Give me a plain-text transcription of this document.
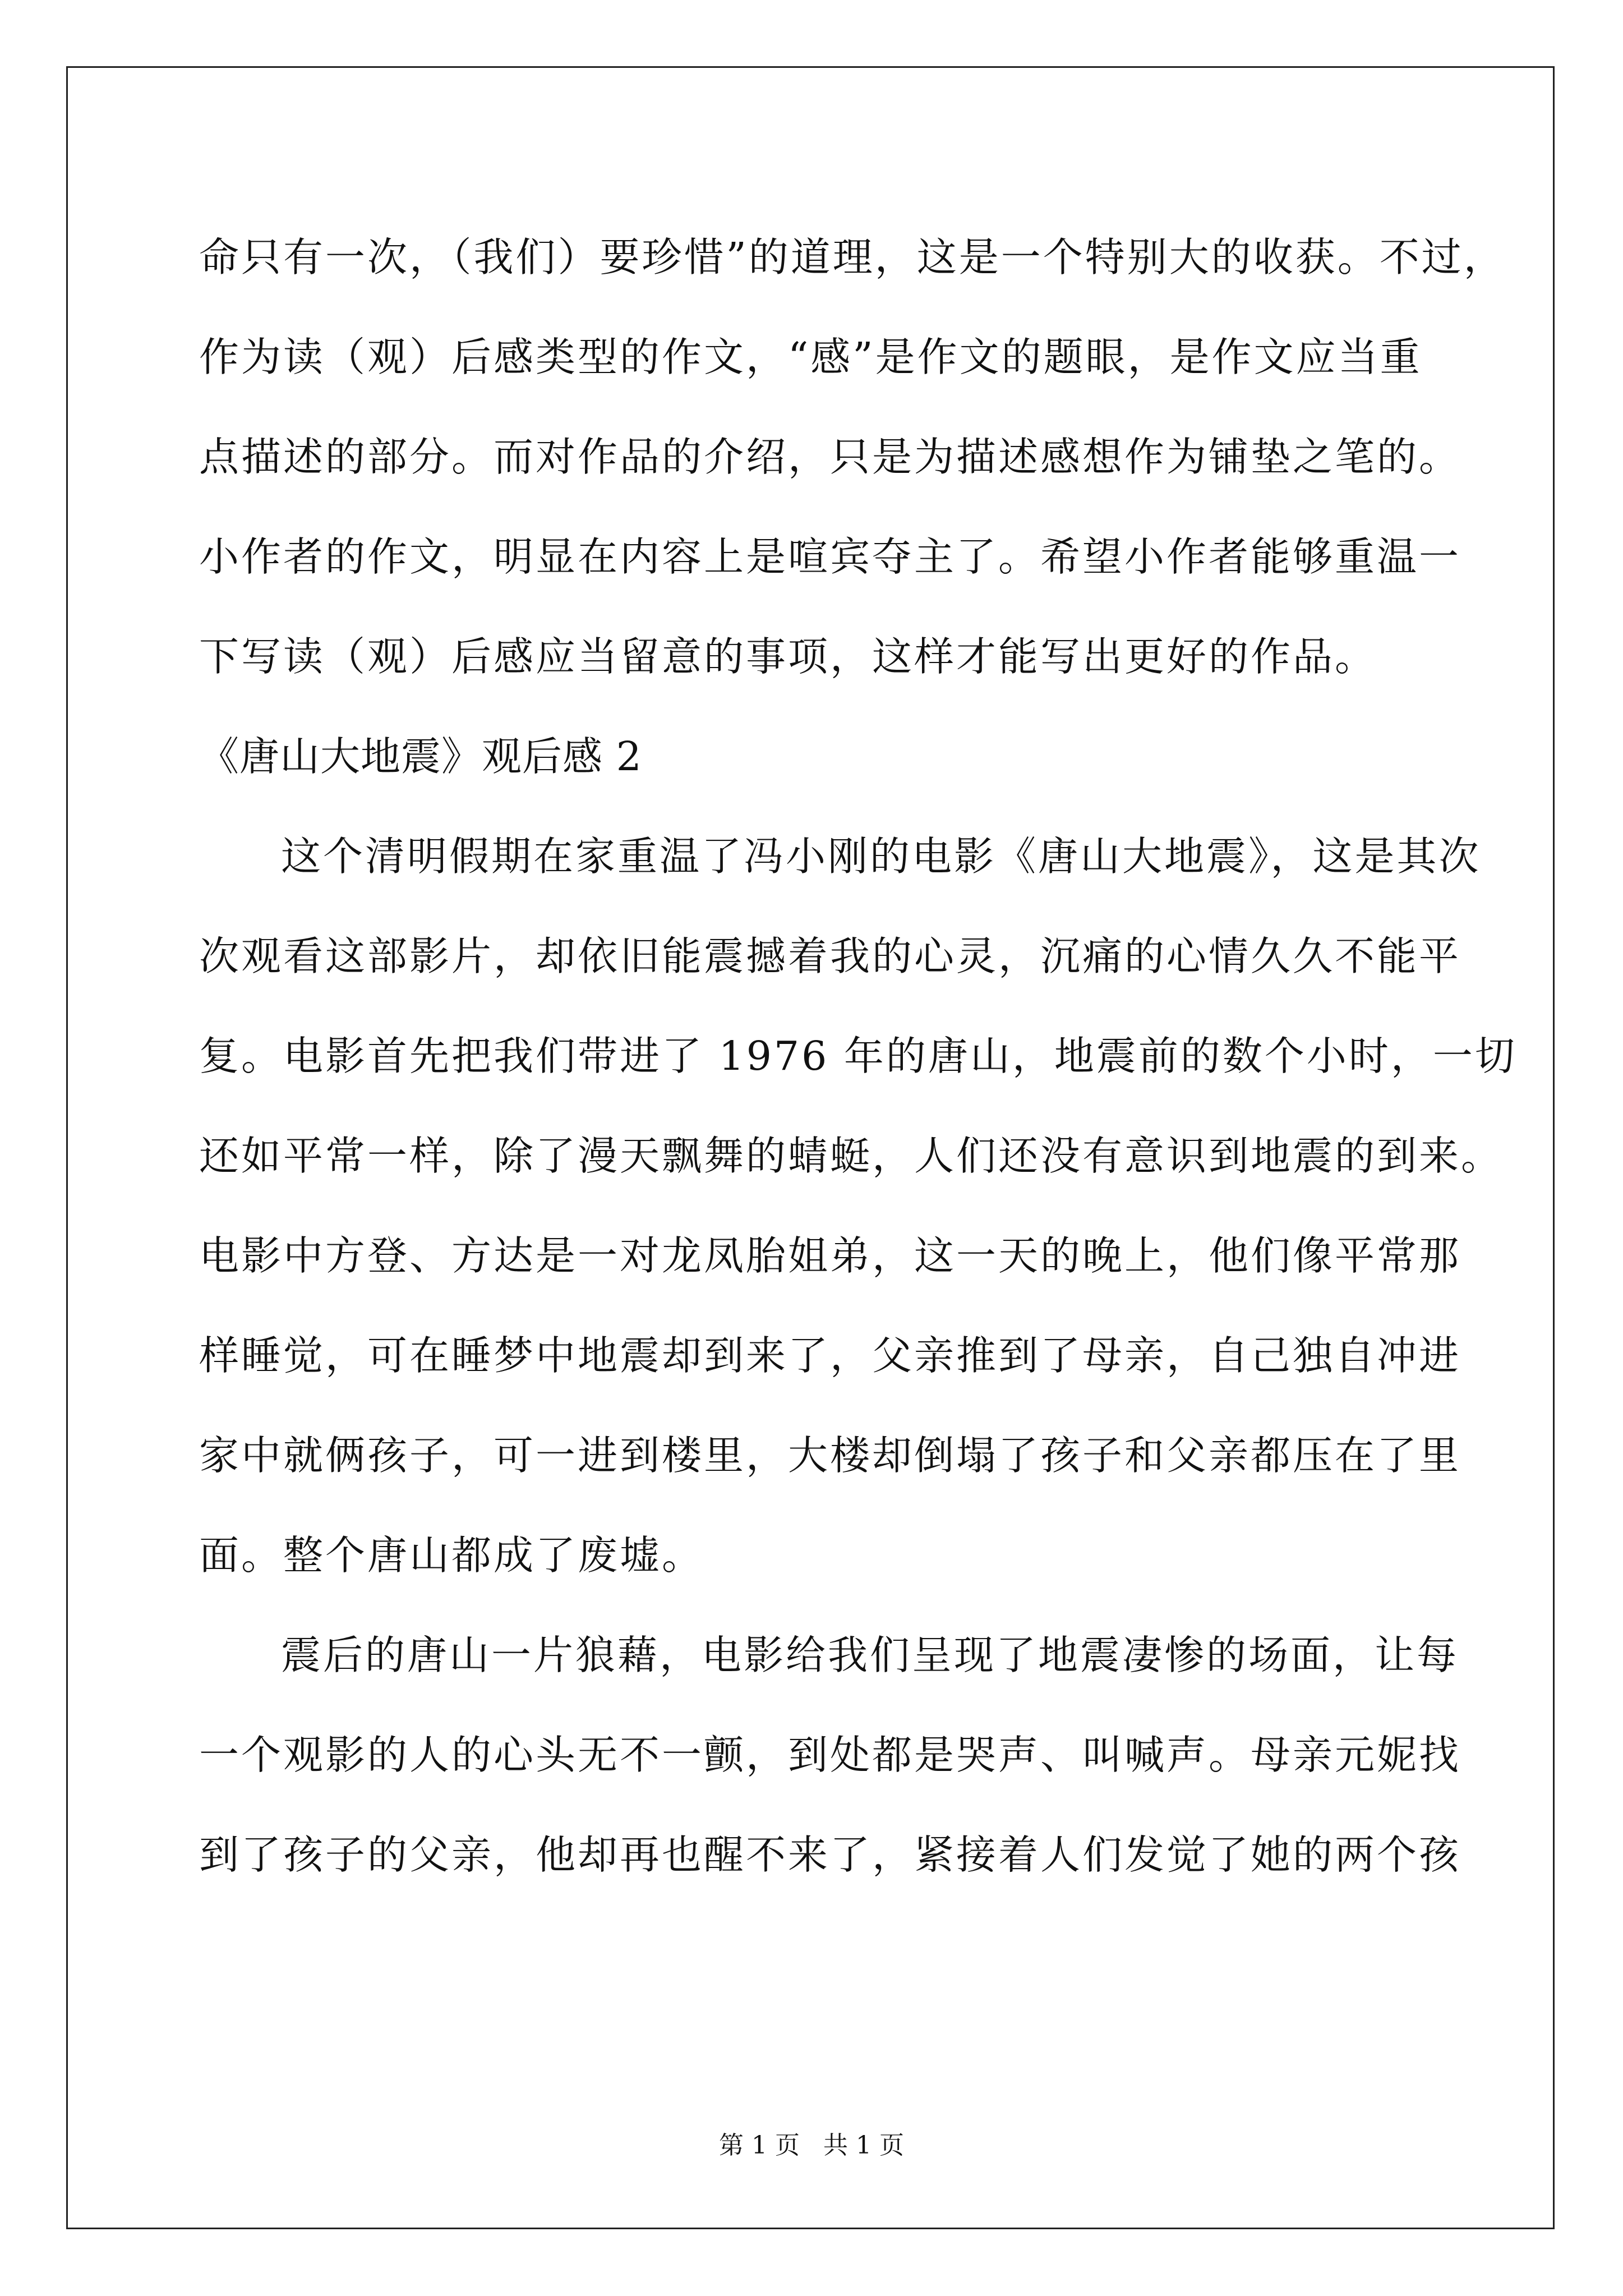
命只有一次，（我们）要珍惜”的道理，这是一个特别大的收获。不过，
作为读（观）后感类型的作文，“感”是作文的题眼，是作文应当重
点描述的部分。而对作品的介绍，只是为描述感想作为铺垫之笔的。
小作者的作文，明显在内容上是喧宾夺主了。希望小作者能够重温一
下写读（观）后感应当留意的事项，这样才能写出更好的作品。
《唐山大地震》观后感 2
这个清明假期在家重温了冯小刚的电影《唐山大地震》，这是其次
次观看这部影片，却依旧能震撼着我的心灵，沉痛的心情久久不能平
复。电影首先把我们带进了 1976 年的唐山，地震前的数个小时，一切
还如平常一样，除了漫天飘舞的蜻蜓，人们还没有意识到地震的到来。
电影中方登、方达是一对龙凤胎姐弟，这一天的晚上，他们像平常那
样睡觉，可在睡梦中地震却到来了，父亲推到了母亲，自己独自冲进
家中就俩孩子，可一进到楼里，大楼却倒塌了孩子和父亲都压在了里
面。整个唐山都成了废墟。
震后的唐山一片狼藉，电影给我们呈现了地震凄惨的场面，让每
一个观影的人的心头无不一颤，到处都是哭声、叫喊声。母亲元妮找
到了孩子的父亲，他却再也醒不来了，紧接着人们发觉了她的两个孩
第 1 页 共 1 页
